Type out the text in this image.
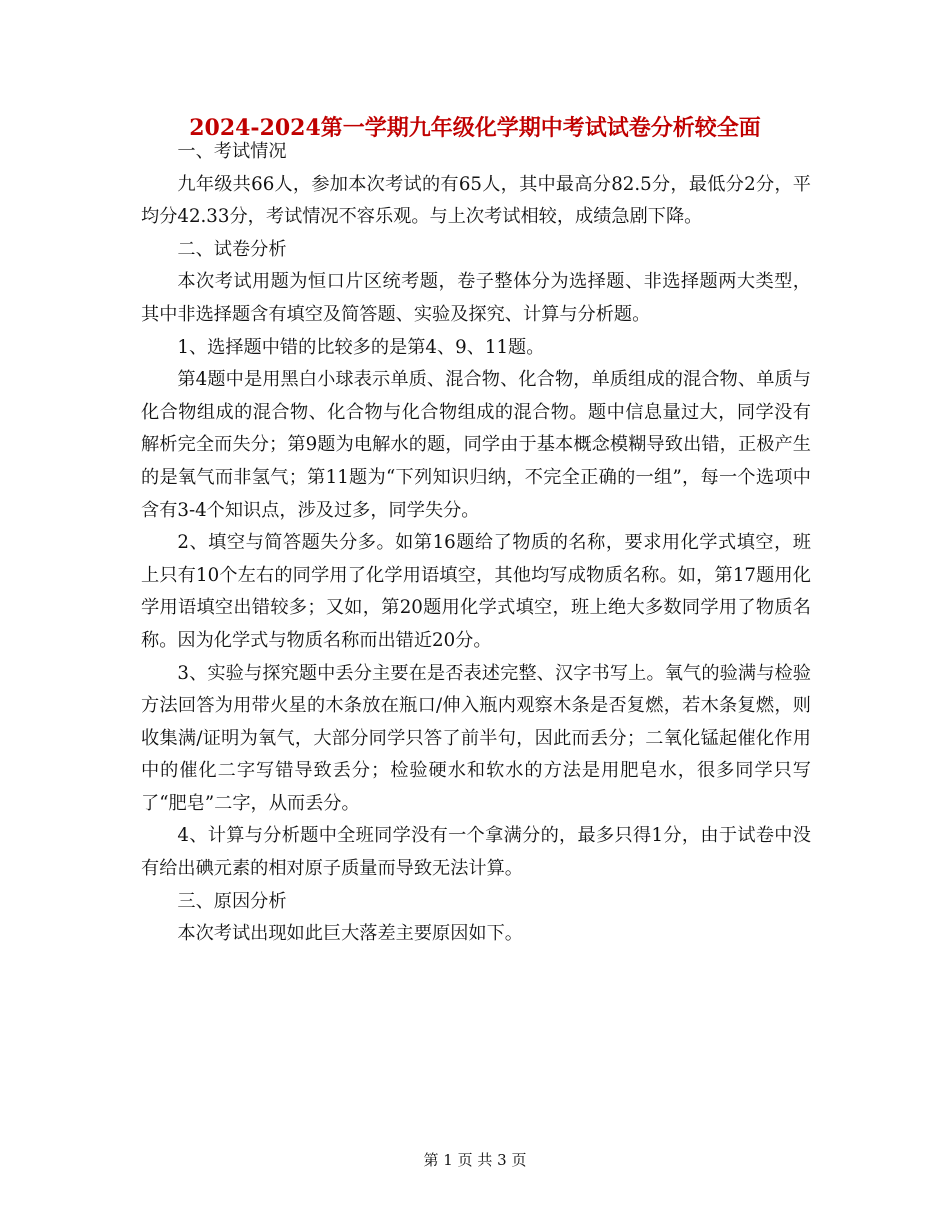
2024-2024第一学期九年级化学期中考试试卷分析较全面

一、考试情况

九年级共66人，参加本次考试的有65人，其中最高分82.5分，最低分2分，平均分42.33分，考试情况不容乐观。与上次考试相较，成绩急剧下降。

二、试卷分析

本次考试用题为恒口片区统考题，卷子整体分为选择题、非选择题两大类型，其中非选择题含有填空及简答题、实验及探究、计算与分析题。

1、选择题中错的比较多的是第4、9、11题。

第4题中是用黑白小球表示单质、混合物、化合物，单质组成的混合物、单质与化合物组成的混合物、化合物与化合物组成的混合物。题中信息量过大，同学没有解析完全而失分；第9题为电解水的题，同学由于基本概念模糊导致出错，正极产生的是氧气而非氢气；第11题为“下列知识归纳，不完全正确的一组”，每一个选项中含有3-4个知识点，涉及过多，同学失分。

2、填空与简答题失分多。如第16题给了物质的名称，要求用化学式填空，班上只有10个左右的同学用了化学用语填空，其他均写成物质名称。如，第17题用化学用语填空出错较多；又如，第20题用化学式填空，班上绝大多数同学用了物质名称。因为化学式与物质名称而出错近20分。

3、实验与探究题中丢分主要在是否表述完整、汉字书写上。氧气的验满与检验方法回答为用带火星的木条放在瓶口/伸入瓶内观察木条是否复燃，若木条复燃，则收集满/证明为氧气，大部分同学只答了前半句，因此而丢分；二氧化锰起催化作用中的催化二字写错导致丢分；检验硬水和软水的方法是用肥皂水，很多同学只写了“肥皂”二字，从而丢分。

4、计算与分析题中全班同学没有一个拿满分的，最多只得1分，由于试卷中没有给出碘元素的相对原子质量而导致无法计算。

三、原因分析

本次考试出现如此巨大落差主要原因如下。

第 1 页 共 3 页
